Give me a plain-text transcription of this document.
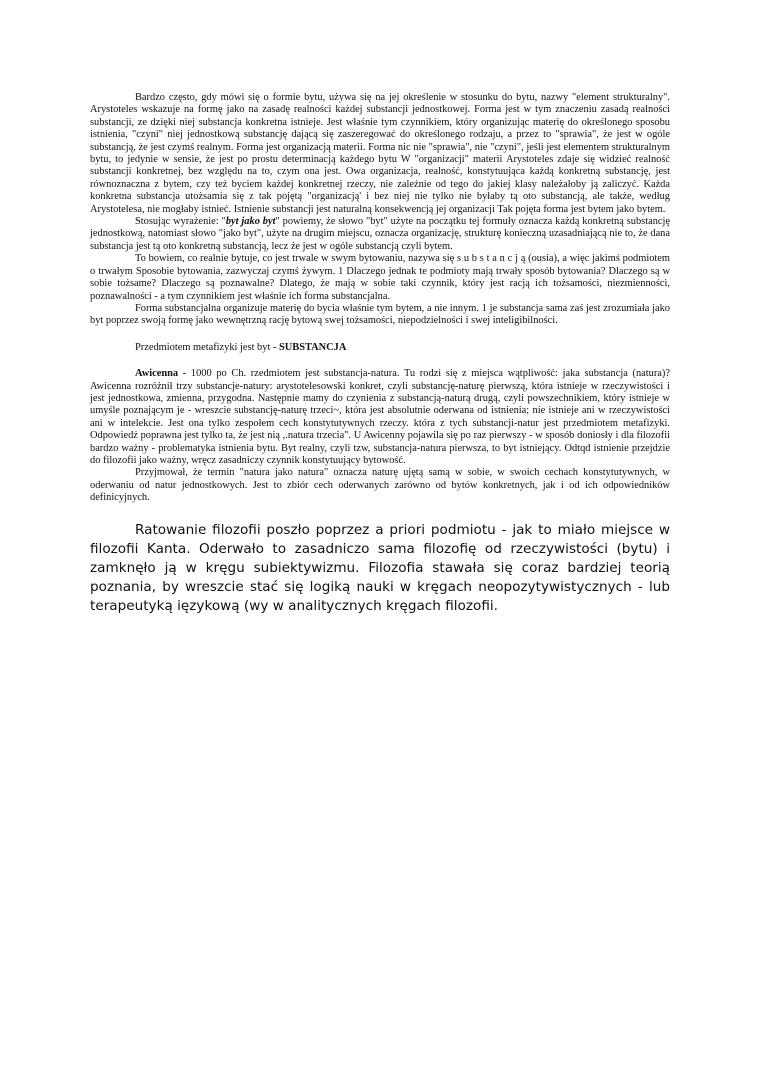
Bardzo często, gdy mówi się o formie bytu, używa się na jej określenie w stosunku do bytu, nazwy "element strukturalny". Arystoteles wskazuje na formę jako na zasadę realności każdej substancji jednostkowej. Forma jest w tym znaczeniu zasadą realności substancji, ze dzięki niej substancja konkretna istnieje. Jest właśnie tym czynnikiem, który organizując materię do określonego sposobu istnienia, "czyni" niej jednostkową substancję dającą się zaszeregować do określonego rodzaju, a przez to "sprawia", że jest w ogóle substancją, że jest czymś realnym. Forma jest organizacją materii. Forma nic nie "sprawia", nie "czyni", jeśli jest elementem strukturalnym bytu, to jedynie w sensie, że jest po prostu determinacją każdego bytu W "organizacji" materii Arystoteles zdaje się widzieć realność substancji konkretnej, bez względu na to, czym ona jest. Owa organizacja, realność, konstytuująca każdą konkretną substancję, jest równoznaczna z bytem, czy też byciem każdej konkretnej rzeczy, nie zależnie od tego do jakiej klasy należałoby ją zaliczyć. Każda konkretna substancja utożsamia się z tak pojętą "organizacją' i bez niej nie tylko nie byłaby tą oto substancją, ale także, według Arystotelesa, nie mogłaby istnieć. Istnienie substancji jest naturalną konsekwencją jej organizacji Tak pojęta forma jest bytem jako bytem.

Stosując wyrażenie: "byt jako byt" powiemy, że słowo "byt" użyte na początku tej formuły oznacza każdą konkretną substancję jednostkową, natomiast słowo "jako byt", użyte na drugim miejscu, oznacza organizację, strukturę konieczną uzasadniającą nie to, że dana substancja jest tą oto konkretną substancją, lecz że jest w ogóle substancją czyli bytem.

To bowiem, co realnie bytuje, co jest trwale w swym bytowaniu, nazywa się s u b s t a n c j ą (ousia), a więc jakimś podmiotem o trwałym Sposobie bytowania, zazwyczaj czymś żywym. 1 Dlaczego jednak te podmioty mają trwały sposób bytowania? Dlaczego są w sobie tożsame? Dlaczego są poznawalne? Dlatego, że mają w sobie taki czynnik, który jest racją ich tożsamości, niezmienności, poznawalności - a tym czynnikiem jest właśnie ich forma substancjalna.

Forma substancjalna organizuje materię do bycia właśnie tym bytem, a nie innym. 1 je substancja sama zaś jest zrozumiała jako byt poprzez swoją formę jako wewnętrzną rację bytową swej tożsamości, niepodzielności i swej inteligibilności.

Przedmiotem metafizyki jest byt - SUBSTANCJA

Awicenna - 1000 po Ch. rzedmiotem jest substancja-natura. Tu rodzi się z miejsca wątpliwość: jaka substancja (natura)? Awicenna rozróżnił trzy substancje-natury: arystotelesowski konkret, czyli substancję-naturę pierwszą, która istnieje w rzeczywistości i jest jednostkowa, zmienna, przygodna. Następnie mamy do czynienia z substancją-naturą drugą, czyli powszechnikiem, który istnieje w umyśle poznającym je - wreszcie substancję-naturę trzeci~, która jest absolutnie oderwana od istnienia; nie istnieje ani w rzeczywistości ani w intelekcie. Jest ona tylko zespołem cech konstytutywnych rzeczy. która z tych substancji-natur jest przedmiotem metafizyki. Odpowiedź poprawna jest tylko ta, że jest nią ,.natura trzecia". U Awicenny pojawila się po raz pierwszy - w sposób doniosły i dla filozofii bardzo ważny - problematyka istnienia bytu. Byt realny, czyli tzw, substancja-natura pierwsza, to byt istniejący. Odtqd istnienie przejdzie do filozofii jako ważny, wręcz zasadniczy czynnik konstytuujący bytowość.

Przyjmował, że termin "natura jako natura" oznacza naturę ujętą samą w sobie, w swoich cechach konstytutywnych, w oderwaniu od natur jednostkowych. Jest to zbiór cech oderwanych zarówno od bytów konkretnych, jak i od ich odpowiedników definicyjnych.

Ratowanie filozofii poszło poprzez a priori podmiotu - jak to miało miejsce w filozofii Kanta. Oderwało to zasadniczo sama filozofię od rzeczywistości (bytu) i zamknęło ją w kręgu subiektywizmu. Filozofia stawała się coraz bardziej teorią poznania, by wreszcie stać się logiką nauki w kręgach neopozytywistycznych - lub terapeutyką ięzykową (wy w analitycznych kręgach filozofii.
